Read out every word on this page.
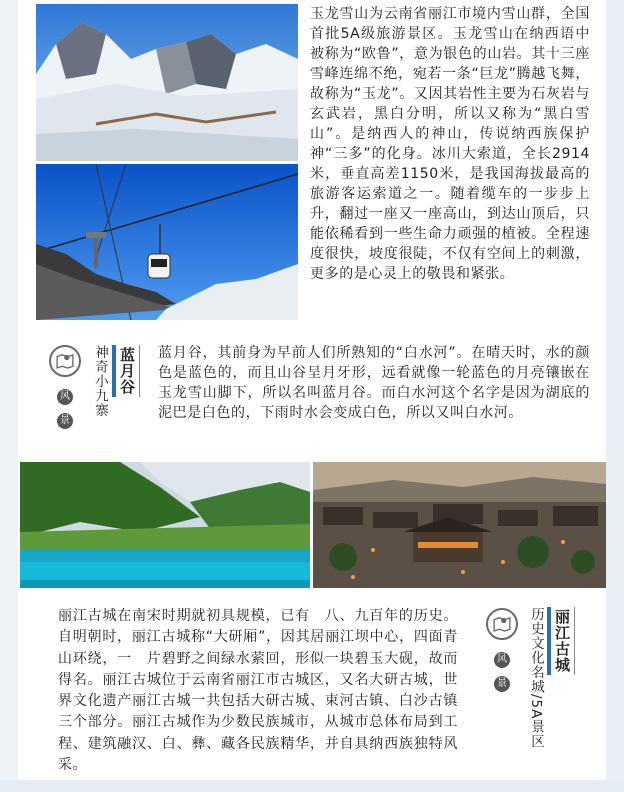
玉龙雪山为云南省丽江市境内雪山群，全国首批5A级旅游景区。玉龙雪山在纳西语中被称为“欧鲁”，意为银色的山岩。其十三座雪峰连绵不绝，宛若一条“巨龙”腾越飞舞，故称为“玉龙”。又因其岩性主要为石灰岩与玄武岩，黑白分明，所以又称为“黑白雪山”。是纳西人的神山，传说纳西族保护神“三多”的化身。冰川大索道，全长2914米，垂直高差1150米，是我国海拔最高的旅游客运索道之一。随着缆车的一步步上升，翻过一座又一座高山，到达山顶后，只能依稀看到一些生命力顽强的植被。全程速度很快，坡度很陡，不仅有空间上的刺激，更多的是心灵上的敬畏和紧张。

风
景
神奇小九寨 蓝月谷 蓝月谷，其前身为早前人们所熟知的“白水河”。在晴天时，水的颜色是蓝色的，而且山谷呈月牙形，远看就像一轮蓝色的月亮镶嵌在玉龙雪山脚下，所以名叫蓝月谷。而白水河这个名字是因为湖底的泥巴是白色的，下雨时水会变成白色，所以又叫白水河。

丽江古城在南宋时期就初具规模，已有　八、九百年的历史。自明朝时，丽江古城称“大研厢”，因其居丽江坝中心，四面青山环绕，一　片碧野之间绿水萦回，形似一块碧玉大砚，故而得名。丽江古城位于云南省丽江市古城区，又名大研古城，世界文化遗产丽江古城一共包括大研古城、束河古镇、白沙古镇三个部分。丽江古城作为少数民族城市，从城市总体布局到工程、建筑融汉、白、彝、藏各民族精华，并自具纳西族独特风采。

风
景 历史文化名城/5A景区 丽江古城
